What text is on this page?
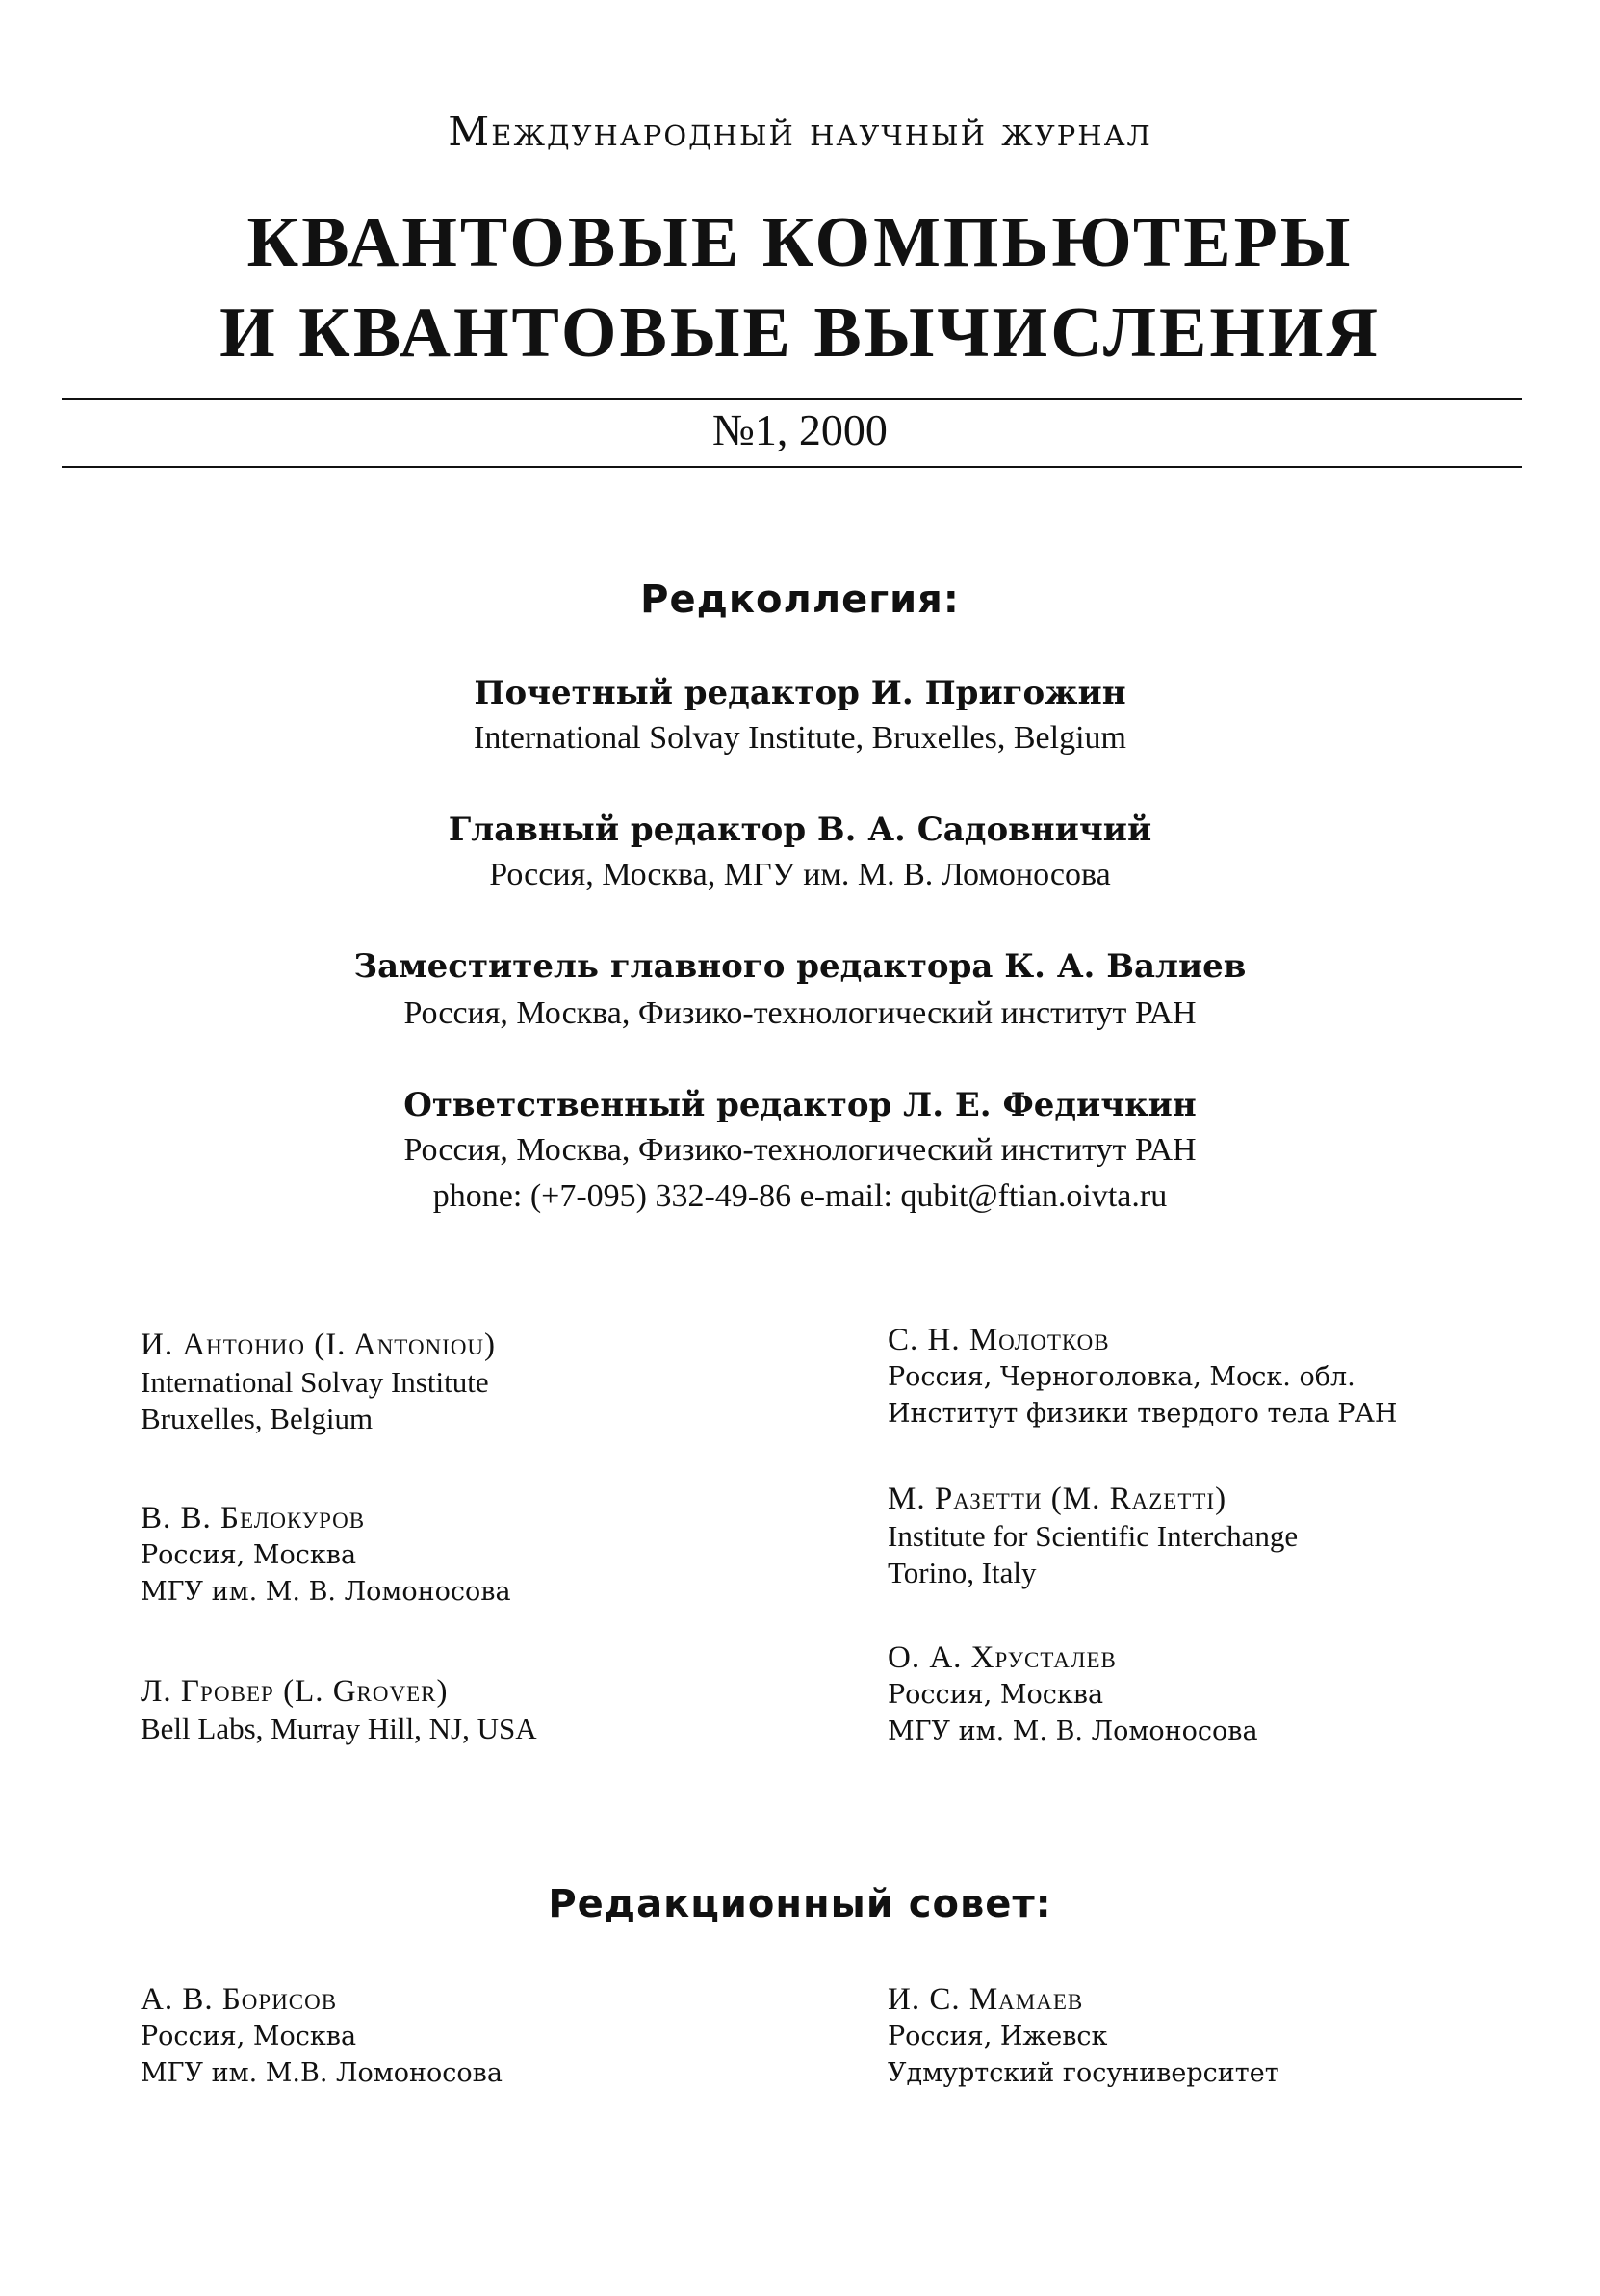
Международный научный журнал
КВАНТОВЫЕ КОМПЬЮТЕРЫ
И КВАНТОВЫЕ ВЫЧИСЛЕНИЯ
№1, 2000
Редколлегия:
Почетный редактор И. Пригожин
International Solvay Institute, Bruxelles, Belgium
Главный редактор В. А. Садовничий
Россия, Москва, МГУ им. М. В. Ломоносова
Заместитель главного редактора К. А. Валиев
Россия, Москва, Физико-технологический институт РАН
Ответственный редактор Л. Е. Федичкин
Россия, Москва, Физико-технологический институт РАН
phone: (+7-095) 332-49-86 e-mail: qubit@ftian.oivta.ru
И. Антонио (I. Antoniou)
International Solvay Institute
Bruxelles, Belgium
В. В. Белокуров
Россия, Москва
МГУ им. М. В. Ломоносова
Л. Гровер (L. Grover)
Bell Labs, Murray Hill, NJ, USA
С. Н. Молотков
Россия, Черноголовка, Моск. обл.
Институт физики твердого тела РАН
М. Разетти (M. Razetti)
Institute for Scientific Interchange
Torino, Italy
О. А. Хрусталев
Россия, Москва
МГУ им. М. В. Ломоносова
Редакционный совет:
А. В. Борисов
Россия, Москва
МГУ им. М.В. Ломоносова
И. С. Мамаев
Россия, Ижевск
Удмуртский госуниверситет
